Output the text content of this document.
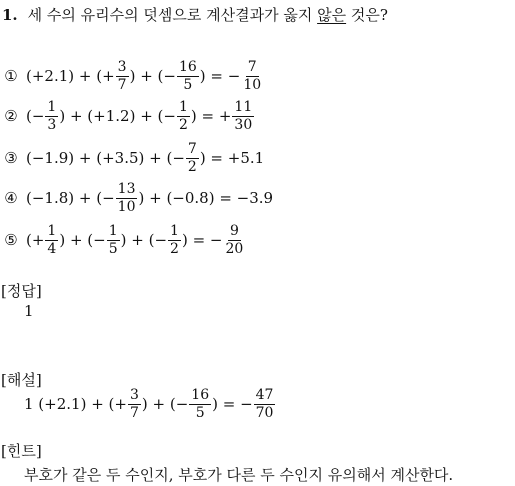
1. 세 수의 유리수의 덧셈으로 계산결과가 옳지 않은 것은?
① (+2.1) + (+ $\frac{3}{7}$ ) + (− $\frac{16}{5}$ ) = − $\frac{7}{10}$
② (− $\frac{1}{3}$ ) + (+1.2) + (− $\frac{1}{2}$ ) = + $\frac{11}{30}$
③ (−1.9) + (+3.5) + (− $\frac{7}{2}$ ) = +5.1
④ (−1.8) + (− $\frac{13}{10}$ ) + (−0.8) = −3.9
⑤ (+ $\frac{1}{4}$ ) + (− $\frac{1}{5}$ ) + (− $\frac{1}{2}$ ) = − $\frac{9}{20}$
[정답]
1
[해설]
1 (+2.1) + (+ $\frac{3}{7}$ ) + (− $\frac{16}{5}$ ) = − $\frac{47}{70}$
[힌트]
부호가 같은 두 수인지, 부호가 다른 두 수인지 유의해서 계산한다.
